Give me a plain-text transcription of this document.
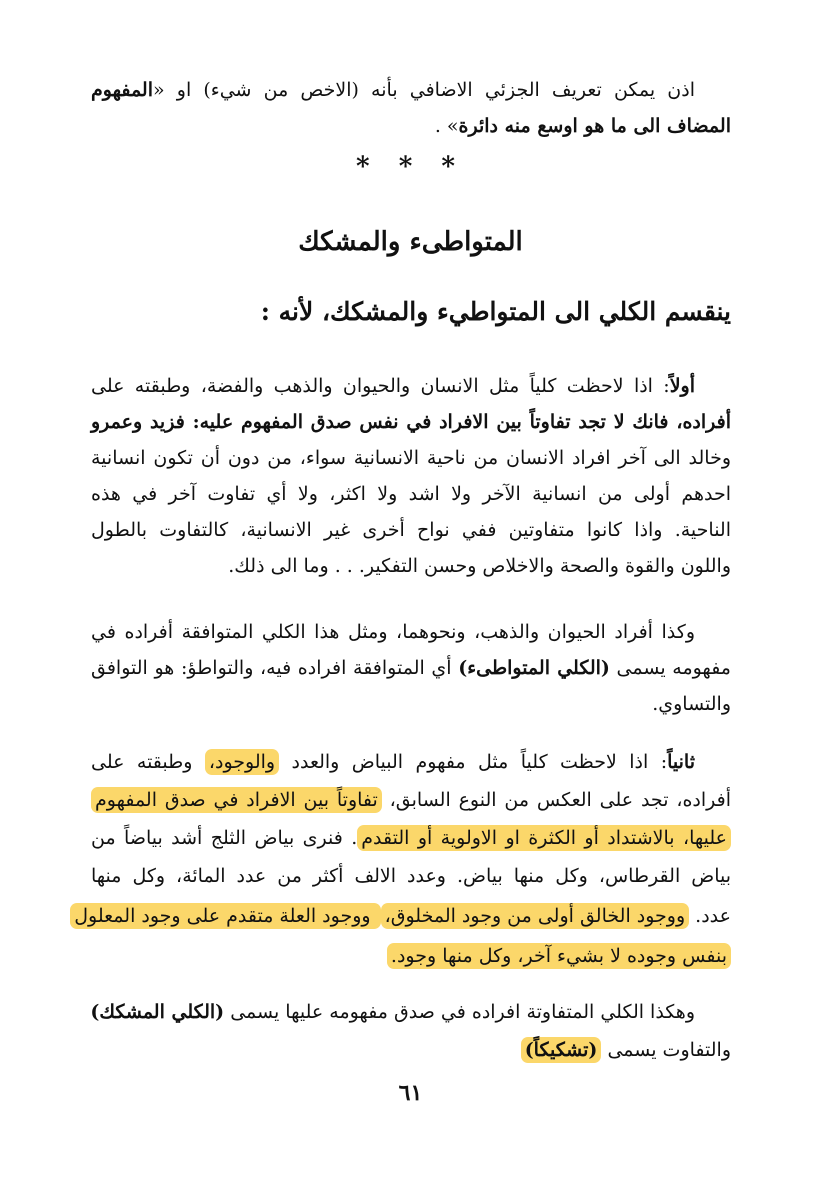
اذن يمكن تعريف الجزئي الاضافي بأنه (الاخص من شيء) او «المفهوم
المضاف الى ما هو اوسع منه دائرة» .
* * *
المتواطىء والمشكك
ينقسم الكلي الى المتواطيء والمشكك، لأنه :
أولاً: اذا لاحظت كلياً مثل الانسان والحيوان والذهب والفضة، وطبقته على
أفراده، فانك لا تجد تفاوتاً بين الافراد في نفس صدق المفهوم عليه: فزيد وعمرو
وخالد الى آخر افراد الانسان من ناحية الانسانية سواء، من دون أن تكون انسانية
احدهم أولى من انسانية الآخر ولا اشد ولا اكثر، ولا أي تفاوت آخر في هذه
الناحية. واذا كانوا متفاوتين ففي نواح أخرى غير الانسانية، كالتفاوت بالطول
واللون والقوة والصحة والاخلاص وحسن التفكير. . . وما الى ذلك.
وكذا أفراد الحيوان والذهب، ونحوهما، ومثل هذا الكلي المتوافقة أفراده في
مفهومه يسمى (الكلي المتواطىء) أي المتوافقة افراده فيه، والتواطؤ: هو التوافق
والتساوي.
ثانياً: اذا لاحظت كلياً مثل مفهوم البياض والعدد والوجود، وطبقته على
أفراده، تجد على العكس من النوع السابق، تفاوتاً بين الافراد في صدق المفهوم
عليها، بالاشتداد أو الكثرة او الاولوية أو التقدم. فنرى بياض الثلج أشد بياضاً من
بياض القرطاس، وكل منها بياض. وعدد الالف أكثر من عدد المائة، وكل منها
عدد. ووجود الخالق أولى من وجود المخلوق، ووجود العلة متقدم على وجود المعلول
بنفس وجوده لا بشيء آخر، وكل منها وجود.
وهكذا الكلي المتفاوتة افراده في صدق مفهومه عليها يسمى (الكلي المشكك)
والتفاوت يسمى (تشكيكاً)
٦١
